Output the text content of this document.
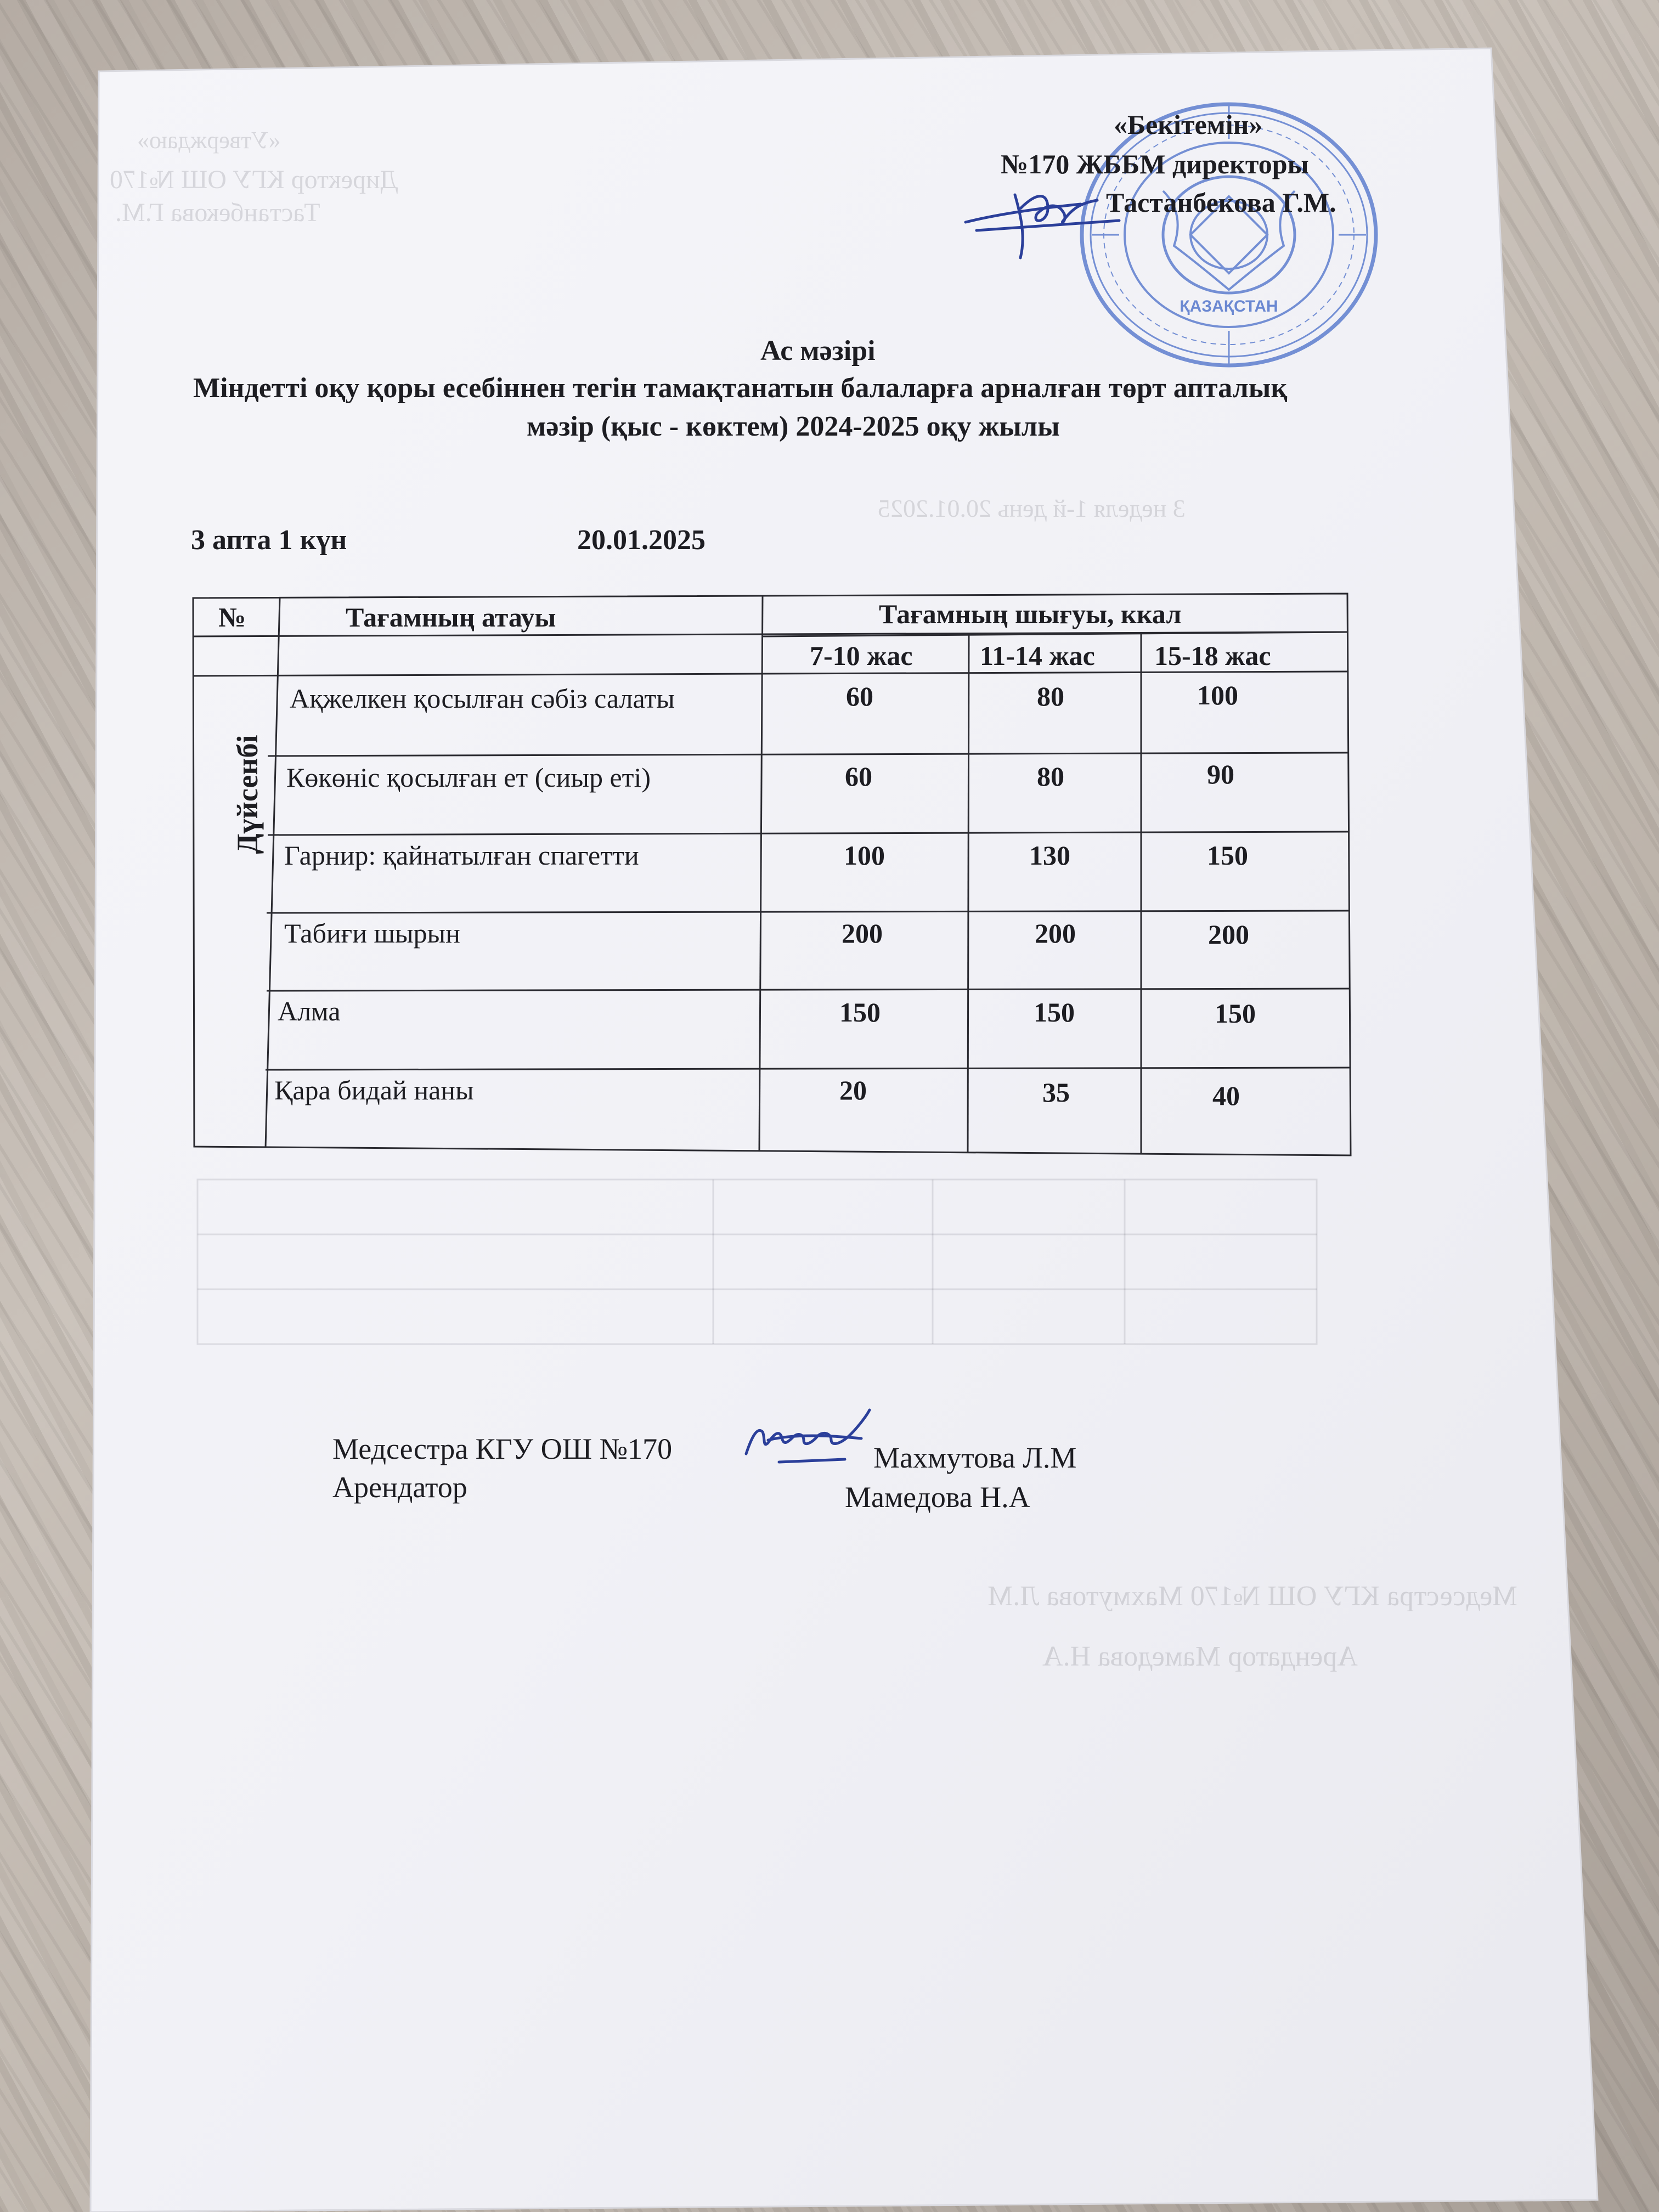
«Утверждаю»
Директор КГУ ОШ №170
Тастанбекова Г.М.
3 неделя 1-й день 20.01.2025
Медсестра КГУ ОШ №170 Махмутова Л.М
Арендатор Мамедова Н.А
ҚАЗАҚСТАН
«Бекітемін»
№170 ЖББМ директоры
Тастанбекова Г.М.
Ас мәзірі
Міндетті оқу қоры есебіннен тегін тамақтанатын балаларға арналған төрт апталық
мәзір (қыс - көктем) 2024-2025 оқу жылы
3 апта 1 күн	20.01.2025
№	Тағамның атауы	Тағамның шығуы, ккал
7-10 жас 11-14 жас 15-18 жас
Дүйсенбі
Ақжелкен қосылған сәбіз салаты	60	80	100
Көкөніс қосылған ет (сиыр еті)	60	80	90
Гарнир: қайнатылған спагетти	100	130	150
Табиғи шырын	200	200	200
Алма	150	150	150
Қара бидай наны	20	35	40
Медсестра КГУ ОШ №170	Махмутова Л.М
Арендатор	Мамедова Н.А
